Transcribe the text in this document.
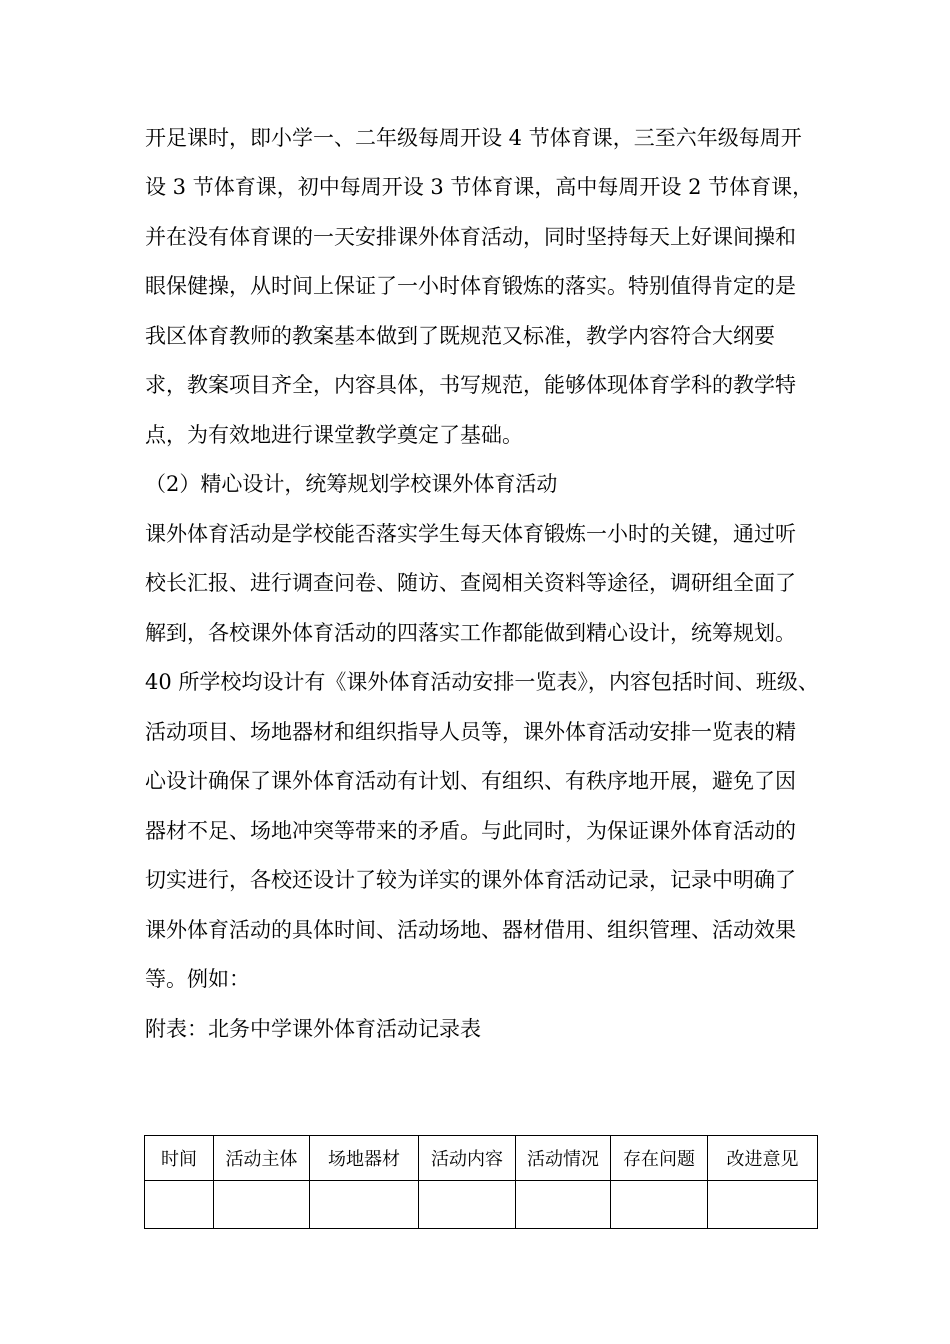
开足课时，即小学一、二年级每周开设 4 节体育课，三至六年级每周开
设 3 节体育课，初中每周开设 3 节体育课，高中每周开设 2 节体育课，
并在没有体育课的一天安排课外体育活动，同时坚持每天上好课间操和
眼保健操，从时间上保证了一小时体育锻炼的落实。特别值得肯定的是
我区体育教师的教案基本做到了既规范又标准，教学内容符合大纲要
求，教案项目齐全，内容具体，书写规范，能够体现体育学科的教学特
点，为有效地进行课堂教学奠定了基础。
（2）精心设计，统筹规划学校课外体育活动
课外体育活动是学校能否落实学生每天体育锻炼一小时的关键，通过听
校长汇报、进行调查问卷、随访、查阅相关资料等途径，调研组全面了
解到，各校课外体育活动的四落实工作都能做到精心设计，统筹规划。
40 所学校均设计有《课外体育活动安排一览表》，内容包括时间、班级、
活动项目、场地器材和组织指导人员等，课外体育活动安排一览表的精
心设计确保了课外体育活动有计划、有组织、有秩序地开展，避免了因
器材不足、场地冲突等带来的矛盾。与此同时，为保证课外体育活动的
切实进行，各校还设计了较为详实的课外体育活动记录，记录中明确了
课外体育活动的具体时间、活动场地、器材借用、组织管理、活动效果
等。例如：
附表：北务中学课外体育活动记录表
时间	活动主体	场地器材	活动内容	活动情况	存在问题	改进意见
